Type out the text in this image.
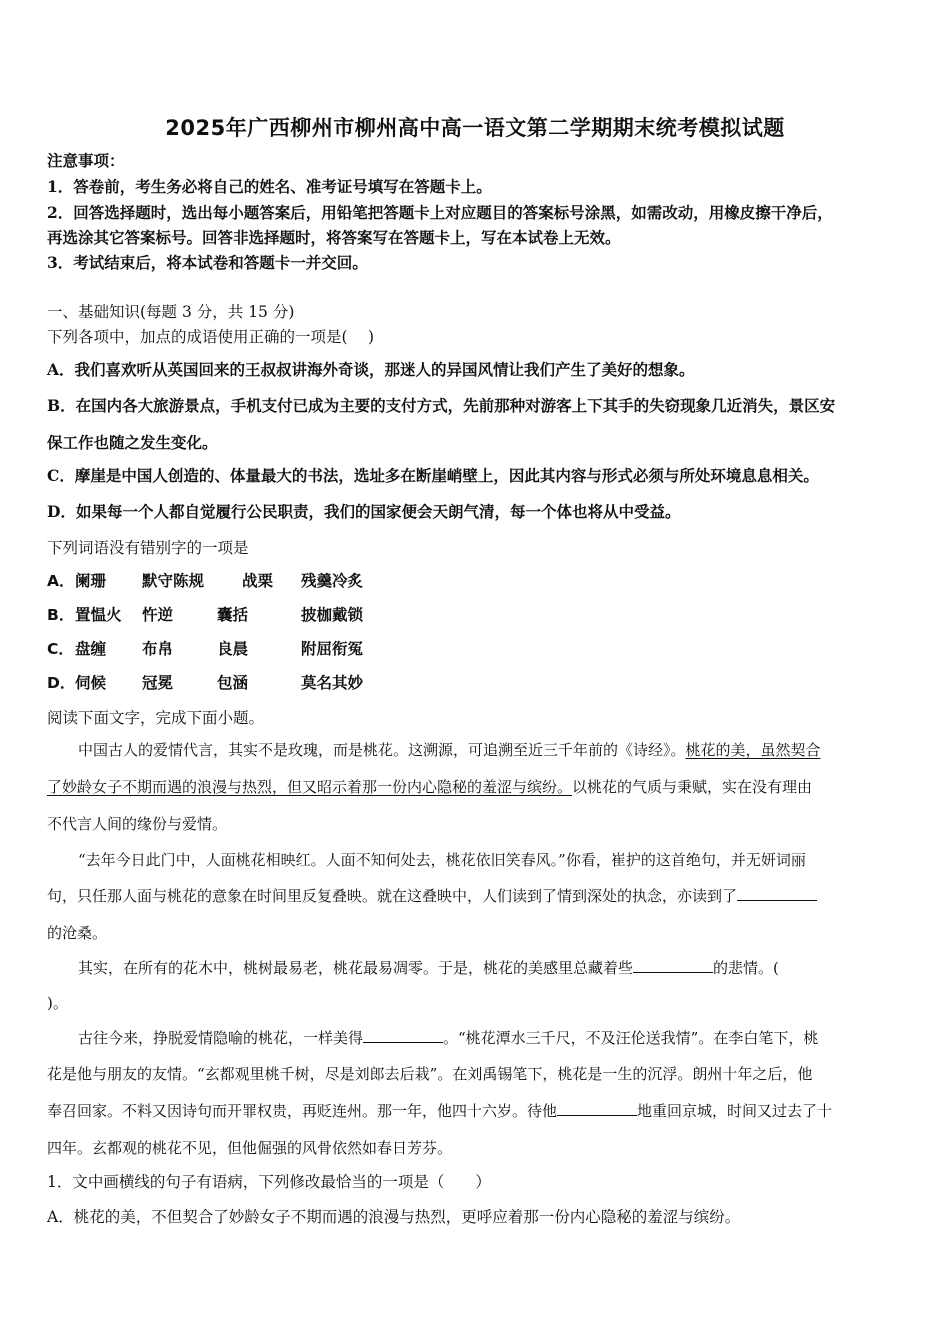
2025年广西柳州市柳州高中高一语文第二学期期末统考模拟试题
注意事项：
1．答卷前，考生务必将自己的姓名、准考证号填写在答题卡上。
2．回答选择题时，选出每小题答案后，用铅笔把答题卡上对应题目的答案标号涂黑，如需改动，用橡皮擦干净后，
再选涂其它答案标号。回答非选择题时，将答案写在答题卡上，写在本试卷上无效。
3．考试结束后，将本试卷和答题卡一并交回。
一、基础知识(每题 3 分，共 15 分)
下列各项中，加点的成语使用正确的一项是(　 )
A．我们喜欢听从英国回来的王叔叔讲海外奇谈，那迷人的异国风情让我们产生了美好的想象。
B．在国内各大旅游景点，手机支付已成为主要的支付方式，先前那种对游客上下其手的失窃现象几近消失，景区安
保工作也随之发生变化。
C．摩崖是中国人创造的、体量最大的书法，选址多在断崖峭壁上，因此其内容与形式必须与所处环境息息相关。
D．如果每一个人都自觉履行公民职责，我们的国家便会天朗气清，每一个体也将从中受益。
下列词语没有错别字的一项是
A． 阑珊 默守陈规 战栗 残羹冷炙
B． 置愠火 忤逆	囊括	披枷戴锁
C． 盘缠 布帛	良晨	附屈衔冤
D． 伺候 冠冕	包涵	莫名其妙
阅读下面文字，完成下面小题。
中国古人的爱情代言，其实不是玫瑰，而是桃花。这溯源，可追溯至近三千年前的《诗经》。桃花的美，虽然契合
了妙龄女子不期而遇的浪漫与热烈，但又昭示着那一份内心隐秘的羞涩与缤纷。以桃花的气质与秉赋，实在没有理由
不代言人间的缘份与爱情。
“去年今日此门中，人面桃花相映红。人面不知何处去，桃花依旧笑春风。”你看，崔护的这首绝句，并无妍词丽
句，只任那人面与桃花的意象在时间里反复叠映。就在这叠映中，人们读到了情到深处的执念，亦读到了
的沧桑。
其实，在所有的花木中，桃树最易老，桃花最易凋零。于是，桃花的美感里总藏着些	的悲情。(
)。
古往今来，挣脱爱情隐喻的桃花，一样美得	。“桃花潭水三千尺，不及汪伦送我情”。在李白笔下，桃
花是他与朋友的友情。“玄都观里桃千树，尽是刘郎去后栽”。在刘禹锡笔下，桃花是一生的沉浮。朗州十年之后，他
奉召回家。不料又因诗句而开罪权贵，再贬连州。那一年，他四十六岁。待他	地重回京城，时间又过去了十
四年。玄都观的桃花不见，但他倔强的风骨依然如春日芳芬。
1．文中画横线的句子有语病，下列修改最恰当的一项是（　　）
A．桃花的美，不但契合了妙龄女子不期而遇的浪漫与热烈，更呼应着那一份内心隐秘的羞涩与缤纷。
